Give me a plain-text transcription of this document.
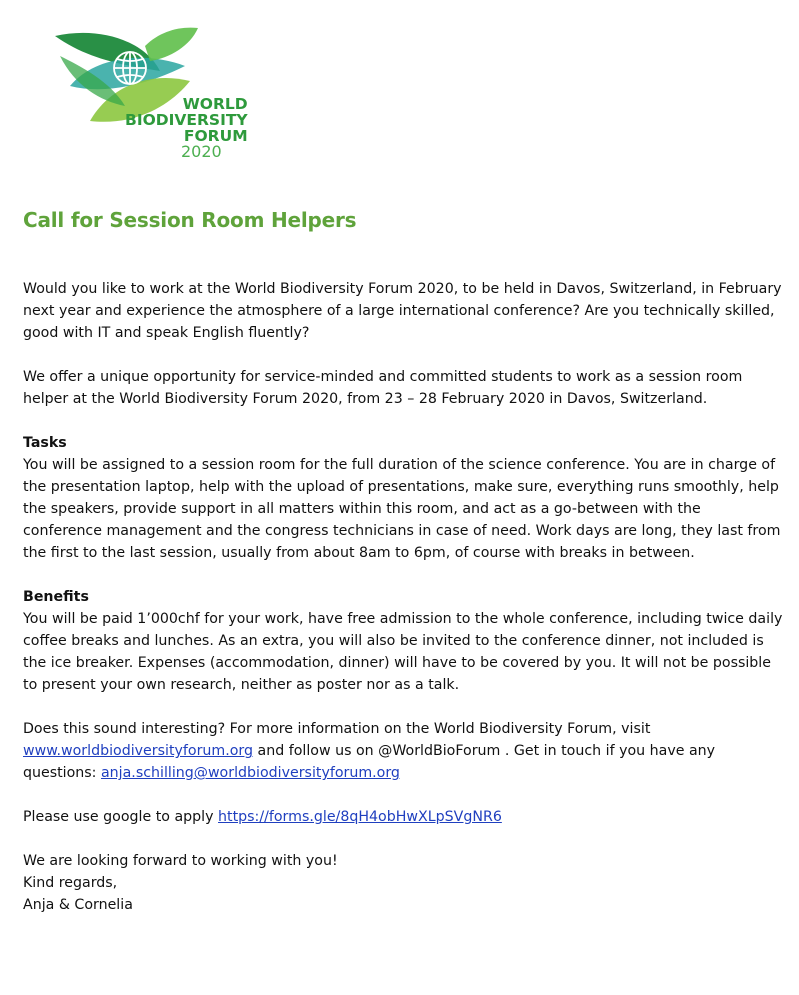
WORLD
BIODIVERSITY
FORUM
2020
Call for Session Room Helpers

Would you like to work at the World Biodiversity Forum 2020, to be held in Davos, Switzerland, in February next year and experience the atmosphere of a large international conference? Are you technically skilled, good with IT and speak English fluently?

We offer a unique opportunity for service-minded and committed students to work as a session room helper at the World Biodiversity Forum 2020, from 23 – 28 February 2020 in Davos, Switzerland.

Tasks
You will be assigned to a session room for the full duration of the science conference. You are in charge of the presentation laptop, help with the upload of presentations, make sure, everything runs smoothly, help the speakers, provide support in all matters within this room, and act as a go-between with the conference management and the congress technicians in case of need. Work days are long, they last from the first to the last session, usually from about 8am to 6pm, of course with breaks in between.

Benefits
You will be paid 1’000chf for your work, have free admission to the whole conference, including twice daily coffee breaks and lunches. As an extra, you will also be invited to the conference dinner, not included is the ice breaker. Expenses (accommodation, dinner) will have to be covered by you. It will not be possible to present your own research, neither as poster nor as a talk.

Does this sound interesting? For more information on the World Biodiversity Forum, visit www.worldbiodiversityforum.org and follow us on @WorldBioForum . Get in touch if you have any questions: anja.schilling@worldbiodiversityforum.org

Please use google to apply https://forms.gle/8qH4obHwXLpSVgNR6

We are looking forward to working with you!

Kind regards,

Anja & Cornelia
